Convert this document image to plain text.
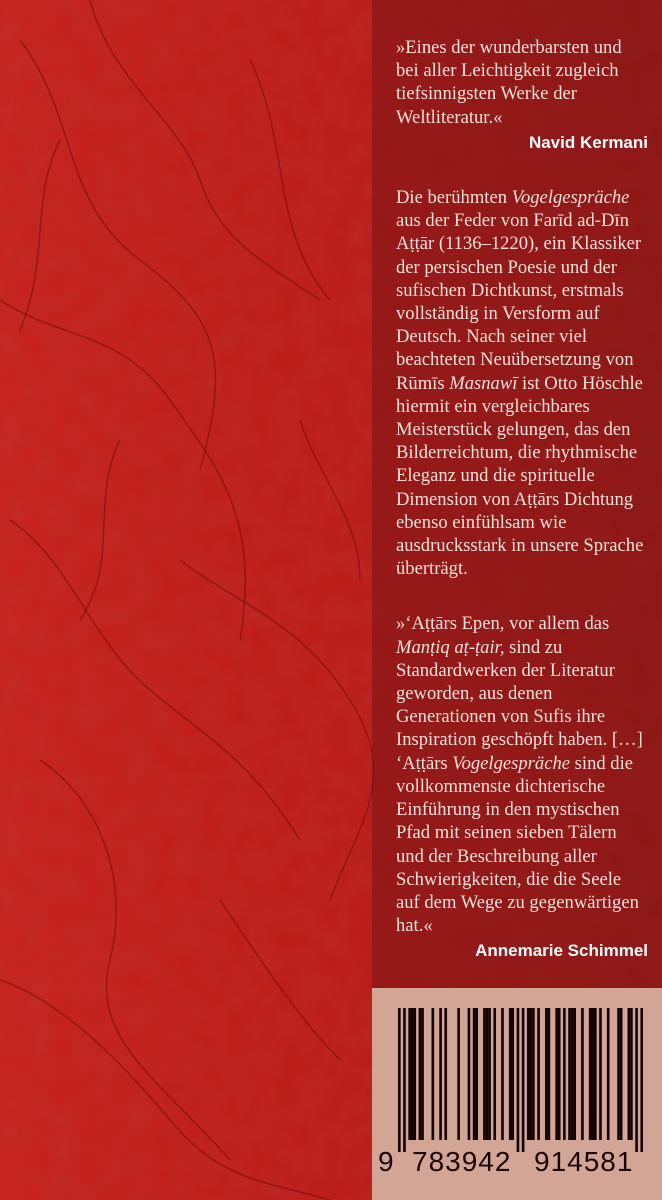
»Eines der wunderbarsten und bei aller Leichtigkeit zugleich tiefsinnigsten Werke der Weltliteratur.«

Navid Kermani

Die berühmten Vogelgespräche aus der Feder von Farīd ad-Dīn Aṭṭār (1136–1220), ein Klassiker der persischen Poesie und der sufischen Dichtkunst, erstmals vollständig in Versform auf Deutsch. Nach seiner viel beachteten Neuübersetzung von Rūmīs Masnawī ist Otto Höschle hiermit ein vergleichbares Meisterstück gelungen, das den Bilderreichtum, die rhythmische Eleganz und die spirituelle Dimension von Aṭṭārs Dichtung ebenso einfühlsam wie ausdrucksstark in unsere Sprache überträgt.

»‘Aṭṭārs Epen, vor allem das Manṭiq aṭ-ṭair, sind zu Standardwerken der Literatur geworden, aus denen Generationen von Sufis ihre Inspiration geschöpft haben. […] ‘Aṭṭārs Vogelgespräche sind die vollkommenste dichterische Einführung in den mystischen Pfad mit seinen sieben Tälern und der Beschreibung aller Schwierigkeiten, die die Seele auf dem Wege zu gegenwärtigen hat.«

Annemarie Schimmel
9 783942 914581
